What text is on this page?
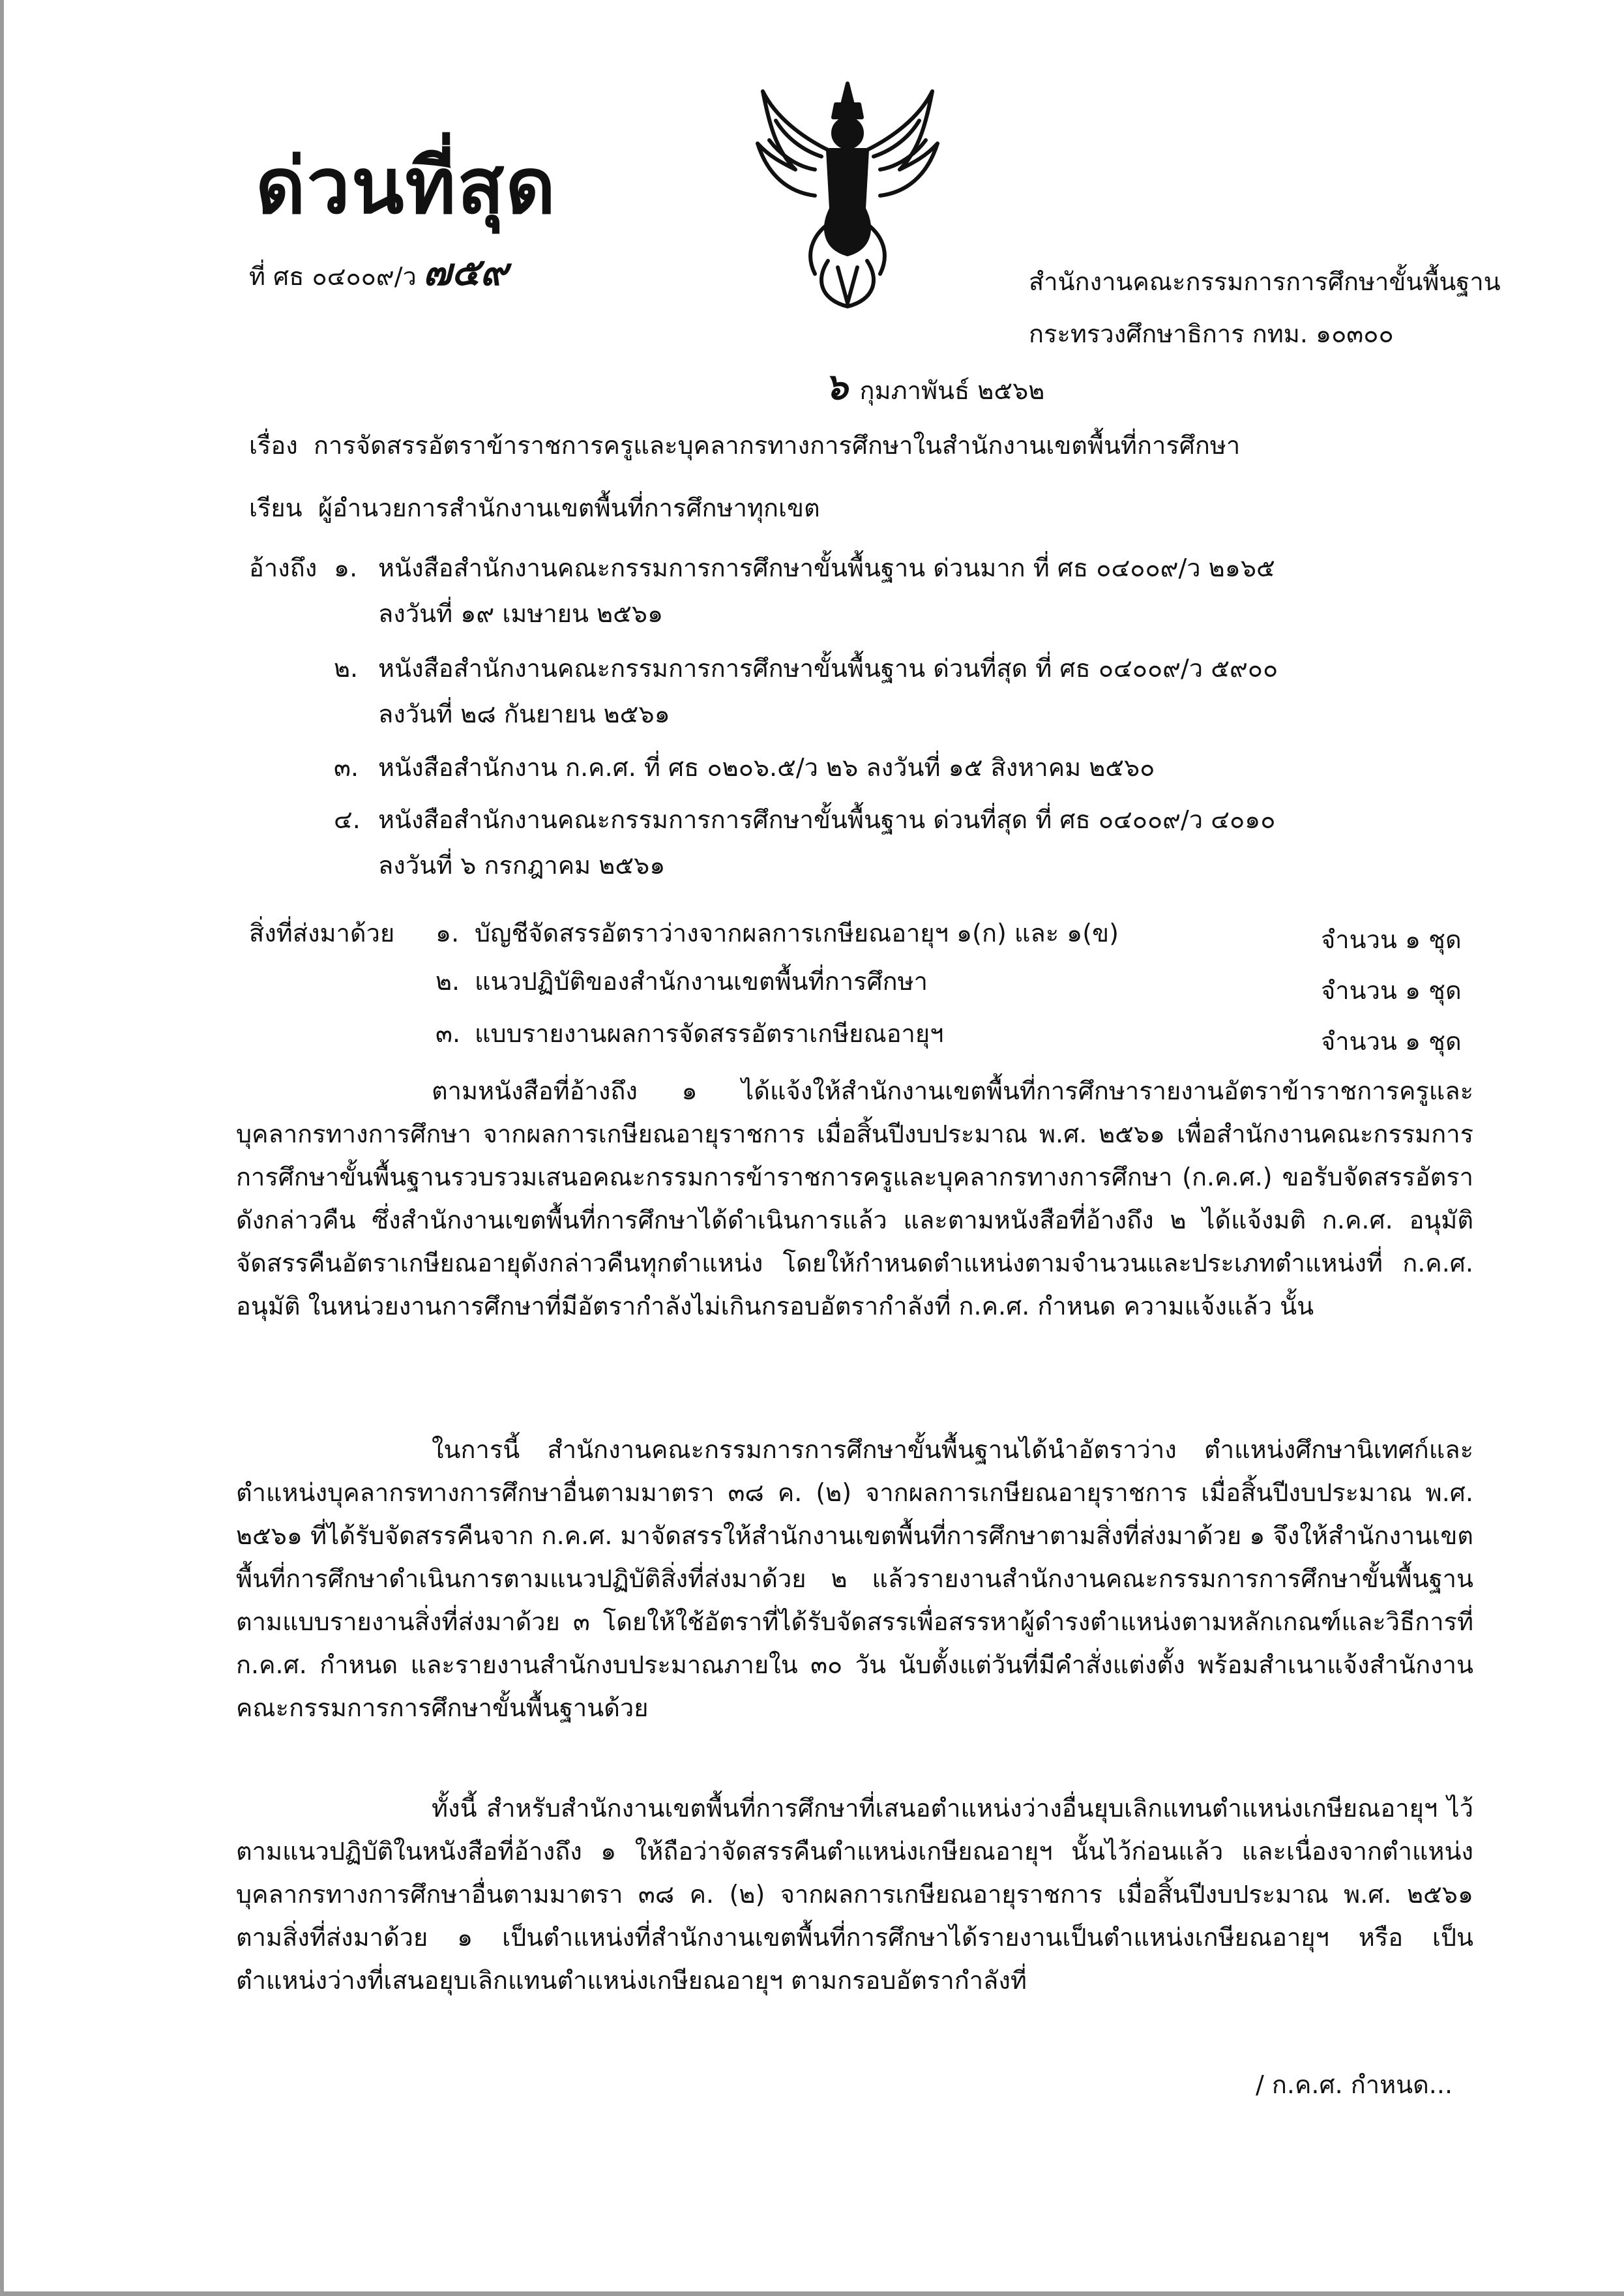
ด่วนที่สุด
ที่ ศธ ๐๔๐๐๙/ว ๗๕๙	สำนักงานคณะกรรมการการศึกษาขั้นพื้นฐาน
กระทรวงศึกษาธิการ กทม. ๑๐๓๐๐
๖ กุมภาพันธ์ ๒๕๖๒
เรื่อง การจัดสรรอัตราข้าราชการครูและบุคลากรทางการศึกษาในสำนักงานเขตพื้นที่การศึกษา
เรียน ผู้อำนวยการสำนักงานเขตพื้นที่การศึกษาทุกเขต
อ้างถึง ๑. หนังสือสำนักงานคณะกรรมการการศึกษาขั้นพื้นฐาน ด่วนมาก ที่ ศธ ๐๔๐๐๙/ว ๒๑๖๕
ลงวันที่ ๑๙ เมษายน ๒๕๖๑
๒. หนังสือสำนักงานคณะกรรมการการศึกษาขั้นพื้นฐาน ด่วนที่สุด ที่ ศธ ๐๔๐๐๙/ว ๕๙๐๐
ลงวันที่ ๒๘ กันยายน ๒๕๖๑
๓. หนังสือสำนักงาน ก.ค.ศ. ที่ ศธ ๐๒๐๖.๕/ว ๒๖ ลงวันที่ ๑๕ สิงหาคม ๒๕๖๐
๔. หนังสือสำนักงานคณะกรรมการการศึกษาขั้นพื้นฐาน ด่วนที่สุด ที่ ศธ ๐๔๐๐๙/ว ๔๐๑๐
ลงวันที่ ๖ กรกฎาคม ๒๕๖๑
สิ่งที่ส่งมาด้วย ๑. บัญชีจัดสรรอัตราว่างจากผลการเกษียณอายุฯ ๑(ก) และ ๑(ข)	จำนวน ๑ ชุด
๒. แนวปฏิบัติของสำนักงานเขตพื้นที่การศึกษา	จำนวน ๑ ชุด
๓. แบบรายงานผลการจัดสรรอัตราเกษียณอายุฯ	จำนวน ๑ ชุด
ตามหนังสือที่อ้างถึง ๑ ได้แจ้งให้สำนักงานเขตพื้นที่การศึกษารายงานอัตราข้าราชการครูและบุคลากรทางการศึกษา จากผลการเกษียณอายุราชการ เมื่อสิ้นปีงบประมาณ พ.ศ. ๒๕๖๑ เพื่อสำนักงานคณะกรรมการการศึกษาขั้นพื้นฐานรวบรวมเสนอคณะกรรมการข้าราชการครูและบุคลากรทางการศึกษา (ก.ค.ศ.) ขอรับจัดสรรอัตราดังกล่าวคืน ซึ่งสำนักงานเขตพื้นที่การศึกษาได้ดำเนินการแล้ว และตามหนังสือที่อ้างถึง ๒ ได้แจ้งมติ ก.ค.ศ. อนุมัติจัดสรรคืนอัตราเกษียณอายุดังกล่าวคืนทุกตำแหน่ง โดยให้กำหนดตำแหน่งตามจำนวนและประเภทตำแหน่งที่ ก.ค.ศ. อนุมัติ ในหน่วยงานการศึกษาที่มีอัตรากำลังไม่เกินกรอบอัตรากำลังที่ ก.ค.ศ. กำหนด ความแจ้งแล้ว นั้น
ในการนี้ สำนักงานคณะกรรมการการศึกษาขั้นพื้นฐานได้นำอัตราว่าง ตำแหน่งศึกษานิเทศก์และตำแหน่งบุคลากรทางการศึกษาอื่นตามมาตรา ๓๘ ค. (๒) จากผลการเกษียณอายุราชการ เมื่อสิ้นปีงบประมาณ พ.ศ. ๒๕๖๑ ที่ได้รับจัดสรรคืนจาก ก.ค.ศ. มาจัดสรรให้สำนักงานเขตพื้นที่การศึกษาตามสิ่งที่ส่งมาด้วย ๑ จึงให้สำนักงานเขตพื้นที่การศึกษาดำเนินการตามแนวปฏิบัติสิ่งที่ส่งมาด้วย ๒ แล้วรายงานสำนักงานคณะกรรมการการศึกษาขั้นพื้นฐานตามแบบรายงานสิ่งที่ส่งมาด้วย ๓ โดยให้ใช้อัตราที่ได้รับจัดสรรเพื่อสรรหาผู้ดำรงตำแหน่งตามหลักเกณฑ์และวิธีการที่ ก.ค.ศ. กำหนด และรายงานสำนักงบประมาณภายใน ๓๐ วัน นับตั้งแต่วันที่มีคำสั่งแต่งตั้ง พร้อมสำเนาแจ้งสำนักงานคณะกรรมการการศึกษาขั้นพื้นฐานด้วย
ทั้งนี้ สำหรับสำนักงานเขตพื้นที่การศึกษาที่เสนอตำแหน่งว่างอื่นยุบเลิกแทนตำแหน่งเกษียณอายุฯ ไว้ตามแนวปฏิบัติในหนังสือที่อ้างถึง ๑ ให้ถือว่าจัดสรรคืนตำแหน่งเกษียณอายุฯ นั้นไว้ก่อนแล้ว และเนื่องจากตำแหน่งบุคลากรทางการศึกษาอื่นตามมาตรา ๓๘ ค. (๒) จากผลการเกษียณอายุราชการ เมื่อสิ้นปีงบประมาณ พ.ศ. ๒๕๖๑ ตามสิ่งที่ส่งมาด้วย ๑ เป็นตำแหน่งที่สำนักงานเขตพื้นที่การศึกษาได้รายงานเป็นตำแหน่งเกษียณอายุฯ หรือ เป็นตำแหน่งว่างที่เสนอยุบเลิกแทนตำแหน่งเกษียณอายุฯ ตามกรอบอัตรากำลังที่
/ ก.ค.ศ. กำหนด...
